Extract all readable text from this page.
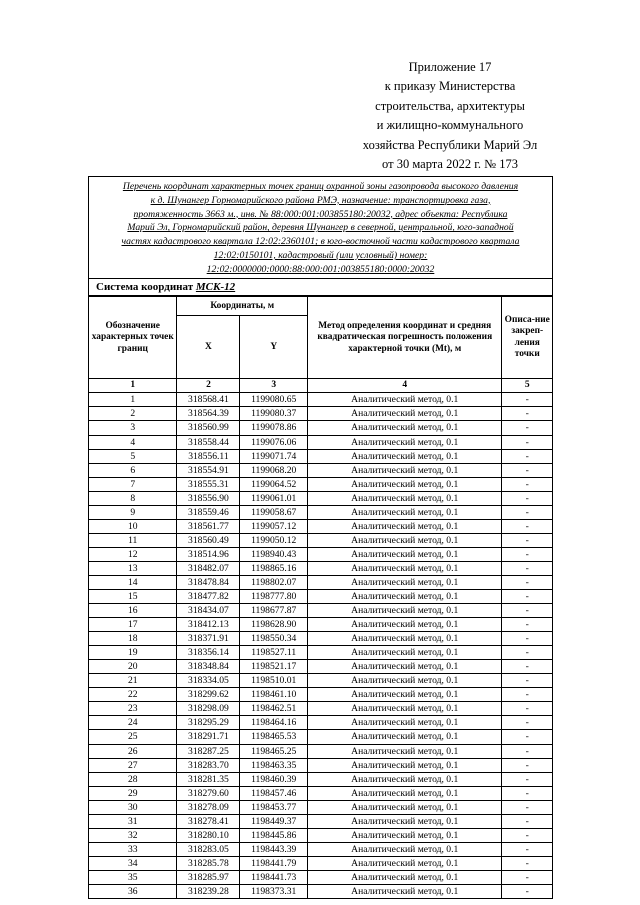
Приложение 17
к приказу Министерства
строительства, архитектуры
и жилищно-коммунального
хозяйства Республики Марий Эл
от 30 марта 2022 г. № 173
Перечень координат характерных точек границ охранной зоны газопровода высокого давления
к д. Шунангер Горномарийского района РМЭ, назначение: транспортировка газа,
протяженность 3663 м., инв. № 88:000:001:003855180:20032, адрес объекта: Республика
Марий Эл, Горномарийский район, деревня Шунангер в северной, центральной, юго-западной
частях кадастрового квартала 12:02:2360101; в юго-восточной части кадастрового квартала
12:02:0150101, кадастровый (или условный) номер:
12:02:0000000:0000:88:000:001:003855180:0000:20032
Система координат МСК-12
Обозначение характерных точек границ	Координаты, м		Метод определения координат и средняя квадратическая погрешность положения характерной точки (Mt), м	Описа-ние закреп-ления точки
	X	Y		
1	2	3	4	5
1	318568.41	1199080.65	Аналитический метод, 0.1	-
2	318564.39	1199080.37	Аналитический метод, 0.1	-
3	318560.99	1199078.86	Аналитический метод, 0.1	-
4	318558.44	1199076.06	Аналитический метод, 0.1	-
5	318556.11	1199071.74	Аналитический метод, 0.1	-
6	318554.91	1199068.20	Аналитический метод, 0.1	-
7	318555.31	1199064.52	Аналитический метод, 0.1	-
8	318556.90	1199061.01	Аналитический метод, 0.1	-
9	318559.46	1199058.67	Аналитический метод, 0.1	-
10	318561.77	1199057.12	Аналитический метод, 0.1	-
11	318560.49	1199050.12	Аналитический метод, 0.1	-
12	318514.96	1198940.43	Аналитический метод, 0.1	-
13	318482.07	1198865.16	Аналитический метод, 0.1	-
14	318478.84	1198802.07	Аналитический метод, 0.1	-
15	318477.82	1198777.80	Аналитический метод, 0.1	-
16	318434.07	1198677.87	Аналитический метод, 0.1	-
17	318412.13	1198628.90	Аналитический метод, 0.1	-
18	318371.91	1198550.34	Аналитический метод, 0.1	-
19	318356.14	1198527.11	Аналитический метод, 0.1	-
20	318348.84	1198521.17	Аналитический метод, 0.1	-
21	318334.05	1198510.01	Аналитический метод, 0.1	-
22	318299.62	1198461.10	Аналитический метод, 0.1	-
23	318298.09	1198462.51	Аналитический метод, 0.1	-
24	318295.29	1198464.16	Аналитический метод, 0.1	-
25	318291.71	1198465.53	Аналитический метод, 0.1	-
26	318287.25	1198465.25	Аналитический метод, 0.1	-
27	318283.70	1198463.35	Аналитический метод, 0.1	-
28	318281.35	1198460.39	Аналитический метод, 0.1	-
29	318279.60	1198457.46	Аналитический метод, 0.1	-
30	318278.09	1198453.77	Аналитический метод, 0.1	-
31	318278.41	1198449.37	Аналитический метод, 0.1	-
32	318280.10	1198445.86	Аналитический метод, 0.1	-
33	318283.05	1198443.39	Аналитический метод, 0.1	-
34	318285.78	1198441.79	Аналитический метод, 0.1	-
35	318285.97	1198441.73	Аналитический метод, 0.1	-
36	318239.28	1198373.31	Аналитический метод, 0.1	-
